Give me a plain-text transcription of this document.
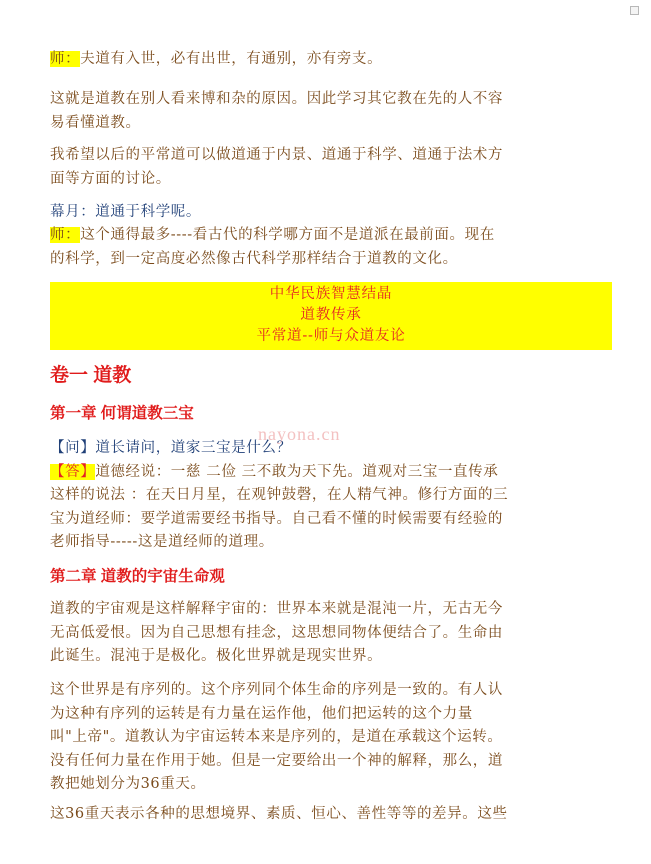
师：夫道有入世，必有出世，有通别，亦有旁支。

这就是道教在别人看来博和杂的原因。因此学习其它教在先的人不容

易看懂道教。

我希望以后的平常道可以做道通于内景、道通于科学、道通于法术方

面等方面的讨论。

幕月：道通于科学呢。

师：这个通得最多----看古代的科学哪方面不是道派在最前面。现在

的科学，到一定高度必然像古代科学那样结合于道教的文化。

中华民族智慧结晶
道教传承
平常道--师与众道友论
卷一 道教
第一章 何谓道教三宝

【问】道长请问，道家三宝是什么？

【答】道德经说：一慈 二俭 三不敢为天下先。道观对三宝一直传承

这样的说法 ：在天日月星，在观钟鼓磬，在人精气神。修行方面的三

宝为道经师：要学道需要经书指导。自己看不懂的时候需要有经验的

老师指导-----这是道经师的道理。

第二章 道教的宇宙生命观

道教的宇宙观是这样解释宇宙的：世界本来就是混沌一片，无古无今

无高低爱恨。因为自己思想有挂念，这思想同物体便结合了。生命由

此诞生。混沌于是极化。极化世界就是现实世界。

这个世界是有序列的。这个序列同个体生命的序列是一致的。有人认

为这种有序列的运转是有力量在运作他，他们把运转的这个力量

叫"上帝"。道教认为宇宙运转本来是序列的，是道在承载这个运转。

没有任何力量在作用于她。但是一定要给出一个神的解释，那么，道

教把她划分为36重天。

这36重天表示各种的思想境界、素质、恒心、善性等等的差异。这些

nayona.cn
